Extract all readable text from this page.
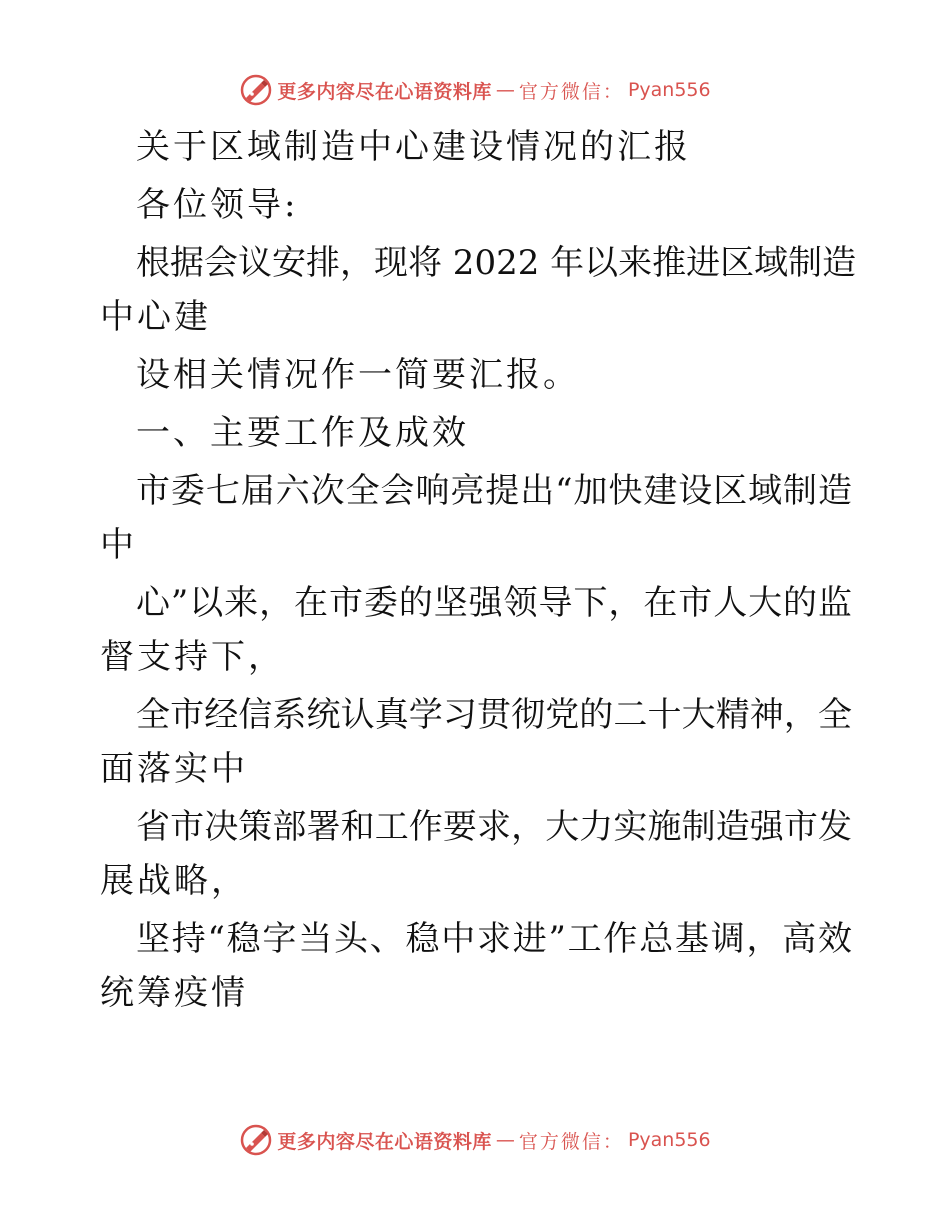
更多内容尽在心语资料库 — 官方微信： Pyan556
关于区域制造中心建设情况的汇报
各位领导:
根据会议安排，现将 2022 年以来推进区域制造
中心建
设相关情况作一简要汇报。
一、主要工作及成效
市委七届六次全会响亮提出“加快建设区域制造
中
心”以来，在市委的坚强领导下，在市人大的监
督支持下，
全市经信系统认真学习贯彻党的二十大精神，全
面落实中
省市决策部署和工作要求，大力实施制造强市发
展战略，
坚持“稳字当头、稳中求进”工作总基调，高效
统筹疫情
更多内容尽在心语资料库 — 官方微信： Pyan556
